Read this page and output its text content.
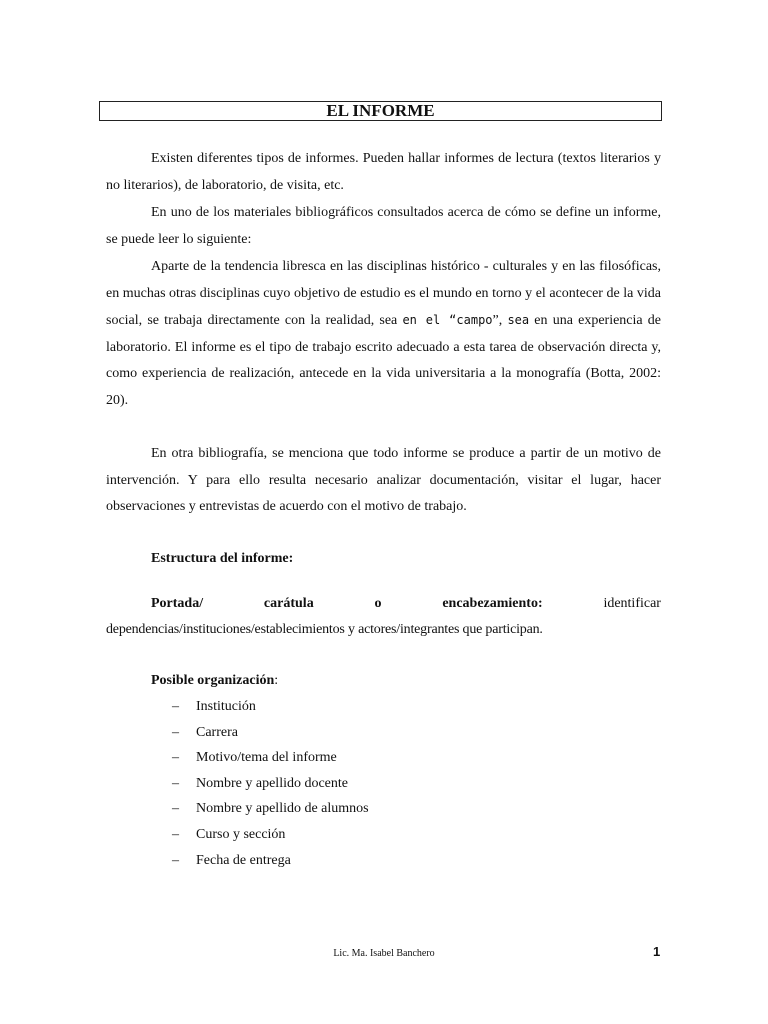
EL INFORME

Existen diferentes tipos de informes. Pueden hallar informes de lectura (textos literarios y no literarios), de laboratorio, de visita, etc.

En uno de los materiales bibliográficos consultados acerca de cómo se define un informe, se puede leer lo siguiente:

Aparte de la tendencia libresca en las disciplinas histórico - culturales y en las filosóficas, en muchas otras disciplinas cuyo objetivo de estudio es el mundo en torno y el acontecer de la vida social, se trabaja directamente con la realidad, sea en el “campo”, sea en una experiencia de laboratorio. El informe es el tipo de trabajo escrito adecuado a esta tarea de observación directa y, como experiencia de realización, antecede en la vida universitaria a la monografía (Botta, 2002: 20).

En otra bibliografía, se menciona que todo informe se produce a partir de un motivo de intervención. Y para ello resulta necesario analizar documentación, visitar el lugar, hacer observaciones y entrevistas de acuerdo con el motivo de trabajo.

Estructura del informe:

Portada/	carátula	o	encabezamiento:	identificar
dependencias/instituciones/establecimientos y actores/integrantes que participan.

Posible organización:

–	Institución
–	Carrera
–	Motivo/tema del informe
–	Nombre y apellido docente
–	Nombre y apellido de alumnos
–	Curso y sección
–	Fecha de entrega
Lic. Ma. Isabel Banchero	1
